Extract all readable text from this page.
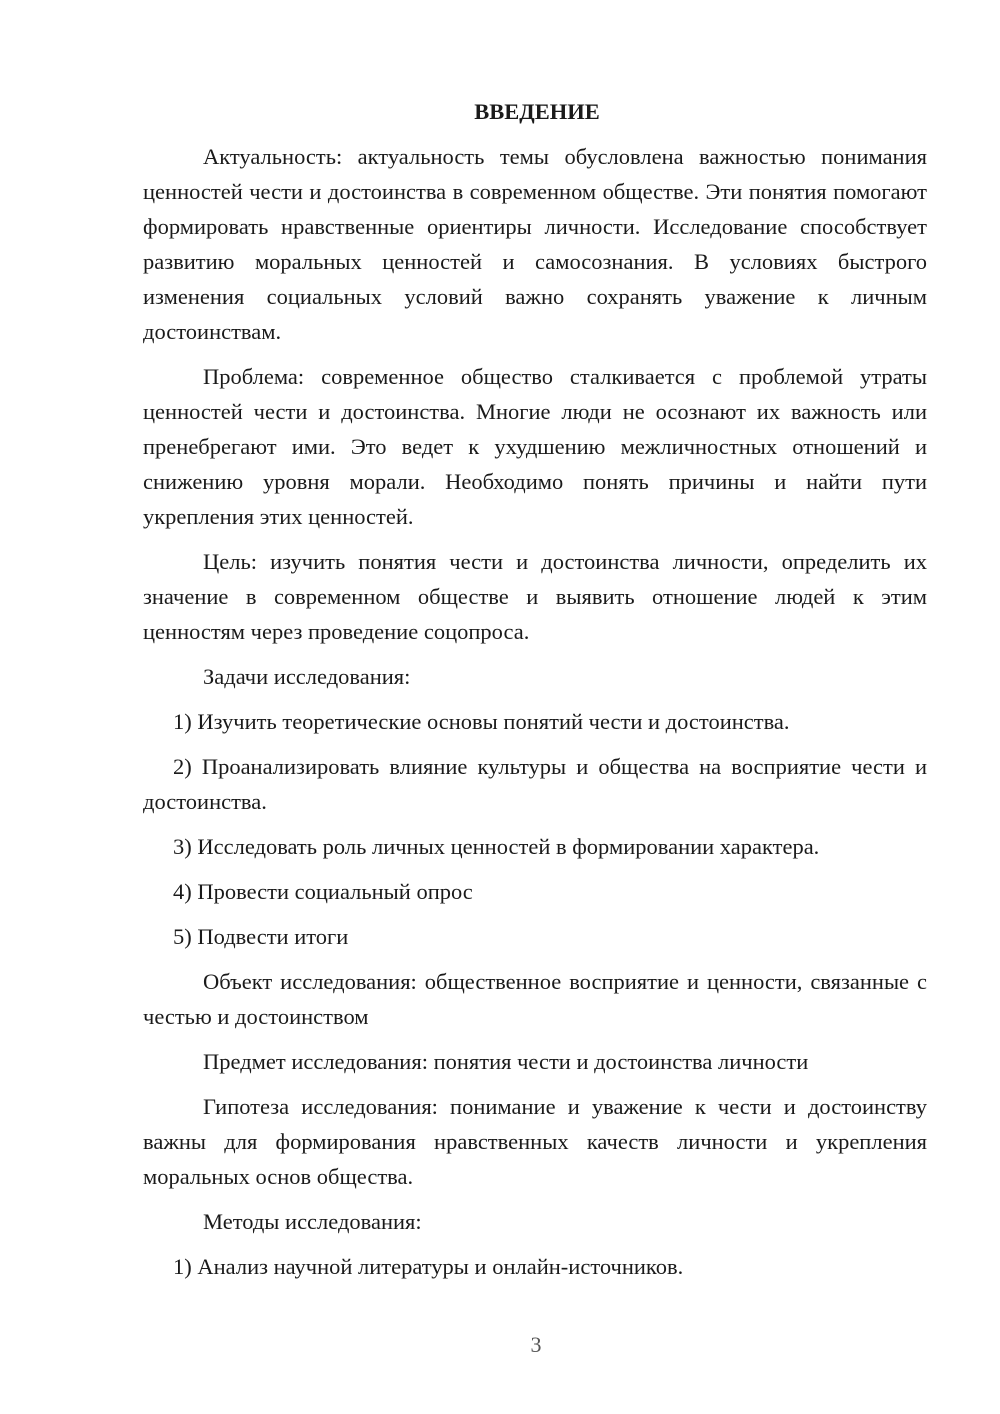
ВВЕДЕНИЕ

Актуальность: актуальность темы обусловлена важностью понимания ценностей чести и достоинства в современном обществе. Эти понятия помогают формировать нравственные ориентиры личности. Исследование способствует развитию моральных ценностей и самосознания. В условиях быстрого изменения социальных условий важно сохранять уважение к личным достоинствам.

Проблема: современное общество сталкивается с проблемой утраты ценностей чести и достоинства. Многие люди не осознают их важность или пренебрегают ими. Это ведет к ухудшению межличностных отношений и снижению уровня морали. Необходимо понять причины и найти пути укрепления этих ценностей.

Цель: изучить понятия чести и достоинства личности, определить их значение в современном обществе и выявить отношение людей к этим ценностям через проведение соцопроса.

Задачи исследования:

1) Изучить теоретические основы понятий чести и достоинства.

2) Проанализировать влияние культуры и общества на восприятие чести и достоинства.

3) Исследовать роль личных ценностей в формировании характера.

4) Провести социальный опрос

5) Подвести итоги

Объект исследования: общественное восприятие и ценности, связанные с честью и достоинством

Предмет исследования: понятия чести и достоинства личности

Гипотеза исследования: понимание и уважение к чести и достоинству важны для формирования нравственных качеств личности и укрепления моральных основ общества.

Методы исследования:

1) Анализ научной литературы и онлайн-источников.

3
